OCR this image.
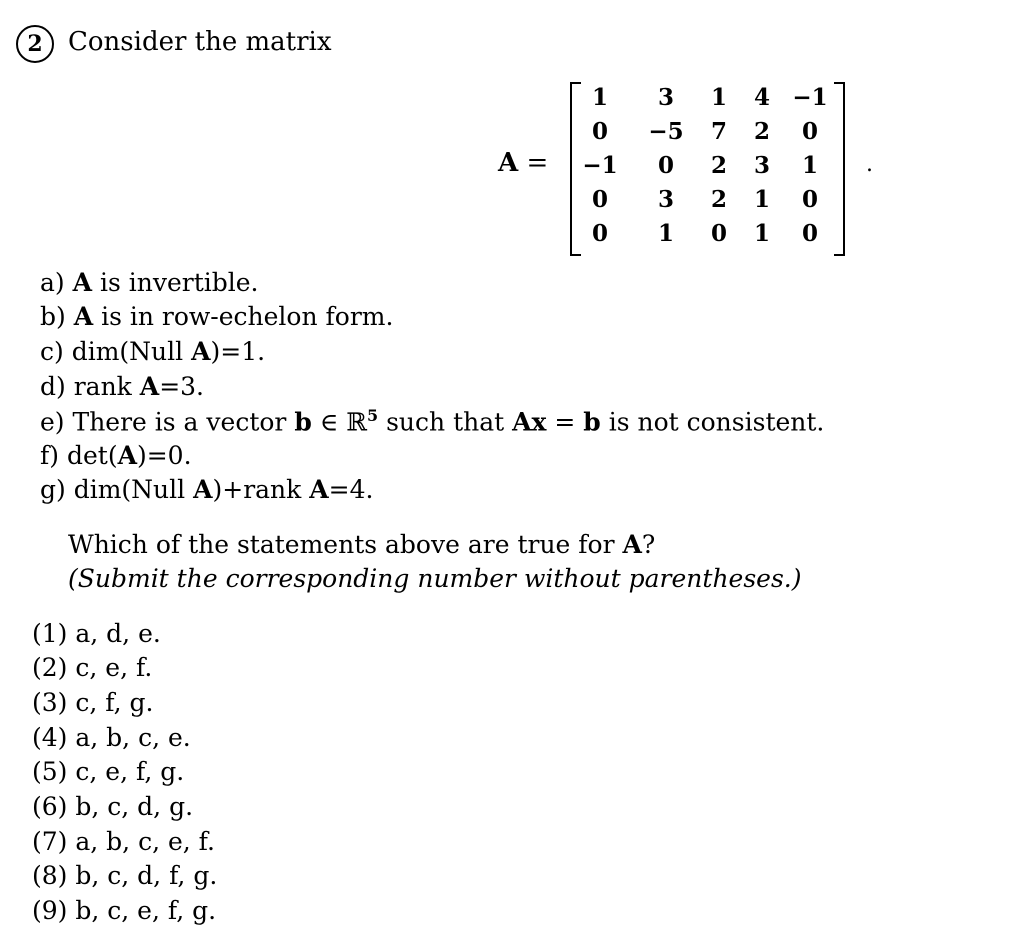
2 Consider the matrix
A =
1	3	1	4 −1
0	−5	7	2	0
−1	0	2	3	1
0	3	2	1	0
0	1	0	1	0
.
a) A is invertible.
b) A is in row-echelon form.
c) dim(Null A)=1.
d) rank A=3.
e) There is a vector b ∈ ℝ$^5$ such that Ax = b is not consistent.
f) det(A)=0.
g) dim(Null A)+rank A=4.
Which of the statements above are true for A?
(Submit the corresponding number without parentheses.)
(1) a, d, e.
(2) c, e, f.
(3) c, f, g.
(4) a, b, c, e.
(5) c, e, f, g.
(6) b, c, d, g.
(7) a, b, c, e, f.
(8) b, c, d, f, g.
(9) b, c, e, f, g.
